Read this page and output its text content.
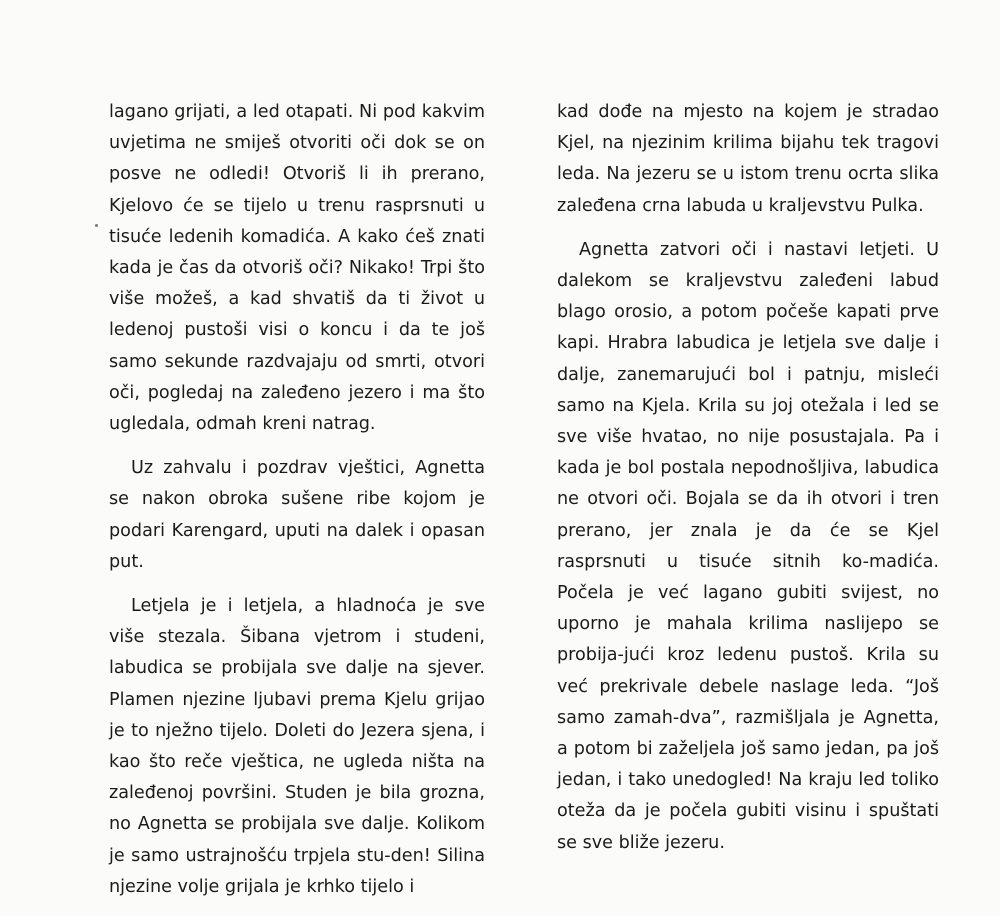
lagano grijati, a led otapati. Ni pod kakvim uvjetima ne smiješ otvoriti oči dok se on posve ne odledi! Otvoriš li ih prerano, Kjelovo će se tijelo u trenu rasprsnuti u tisuće ledenih komadića. A kako ćeš znati kada je čas da otvoriš oči? Nikako! Trpi što više možeš, a kad shvatiš da ti život u ledenoj pustoši visi o koncu i da te još samo sekunde razdvajaju od smrti, otvori oči, pogledaj na zaleđeno jezero i ma što ugledala, odmah kreni natrag.

Uz zahvalu i pozdrav vještici, Agnetta se nakon obroka sušene ribe kojom je podari Karengard, uputi na dalek i opasan put.

Letjela je i letjela, a hladnoća je sve više stezala. Šibana vjetrom i studeni, labudica se probijala sve dalje na sjever. Plamen njezine ljubavi prema Kjelu grijao je to nježno tijelo. Doleti do Jezera sjena, i kao što reče vještica, ne ugleda ništa na zaleđenoj površini. Studen je bila grozna, no Agnetta se probijala sve dalje. Kolikom je samo ustrajnošću trpjela stu-den! Silina njezine volje grijala je krhko tijelo i

kad dođe na mjesto na kojem je stradao Kjel, na njezinim krilima bijahu tek tragovi leda. Na jezeru se u istom trenu ocrta slika zaleđena crna labuda u kraljevstvu Pulka.

Agnetta zatvori oči i nastavi letjeti. U dalekom se kraljevstvu zaleđeni labud blago orosio, a potom počeše kapati prve kapi. Hrabra labudica je letjela sve dalje i dalje, zanemarujući bol i patnju, misleći samo na Kjela. Krila su joj otežala i led se sve više hvatao, no nije posustajala. Pa i kada je bol postala nepodnošljiva, labudica ne otvori oči. Bojala se da ih otvori i tren prerano, jer znala je da će se Kjel rasprsnuti u tisuće sitnih ko-madića. Počela je već lagano gubiti svijest, no uporno je mahala krilima naslijepo se probija-jući kroz ledenu pustoš. Krila su već prekrivale debele naslage leda. “Još samo zamah-dva”, razmišljala je Agnetta, a potom bi zaželjela još samo jedan, pa još jedan, i tako unedogled! Na kraju led toliko oteža da je počela gubiti visinu i spuštati se sve bliže jezeru.
